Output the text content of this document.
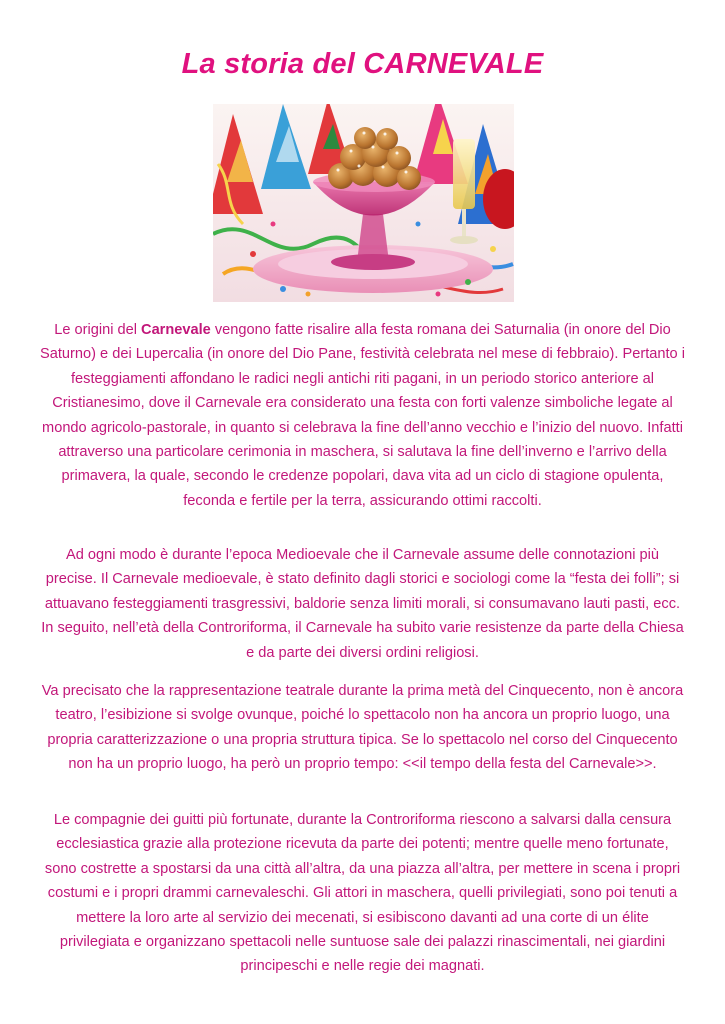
La storia del CARNEVALE

Le origini del Carnevale vengono fatte risalire alla festa romana dei Saturnalia (in onore del Dio Saturno) e dei Lupercalia (in onore del Dio Pane, festività celebrata nel mese di febbraio). Pertanto i festeggiamenti affondano le radici negli antichi riti pagani, in un periodo storico anteriore al Cristianesimo, dove il Carnevale era considerato una festa con forti valenze simboliche legate al mondo agricolo-pastorale, in quanto si celebrava la fine dell’anno vecchio e l’inizio del nuovo. Infatti attraverso una particolare cerimonia in maschera, si salutava la fine dell’inverno e l’arrivo della primavera, la quale, secondo le credenze popolari, dava vita ad un ciclo di stagione opulenta, feconda e fertile per la terra, assicurando ottimi raccolti.

Ad ogni modo è durante l’epoca Medioevale che il Carnevale assume delle connotazioni più precise. Il Carnevale medioevale, è stato definito dagli storici e sociologi come la “festa dei folli”; si attuavano festeggiamenti trasgressivi, baldorie senza limiti morali, si consumavano lauti pasti, ecc. In seguito, nell’età della Controriforma, il Carnevale ha subito varie resistenze da parte della Chiesa e da parte dei diversi ordini religiosi.

Va precisato che la rappresentazione teatrale durante la prima metà del Cinquecento, non è ancora teatro, l’esibizione si svolge ovunque, poiché lo spettacolo non ha ancora un proprio luogo, una propria caratterizzazione o una propria struttura tipica. Se lo spettacolo nel corso del Cinquecento non ha un proprio luogo, ha però un proprio tempo: <<il tempo della festa del Carnevale>>.

Le compagnie dei guitti più fortunate, durante la Controriforma riescono a salvarsi dalla censura ecclesiastica grazie alla protezione ricevuta da parte dei potenti; mentre quelle meno fortunate, sono costrette a spostarsi da una città all’altra, da una piazza all’altra, per mettere in scena i propri costumi e i propri drammi carnevaleschi. Gli attori in maschera, quelli privilegiati, sono poi tenuti a mettere la loro arte al servizio dei mecenati, si esibiscono davanti ad una corte di un élite privilegiata e organizzano spettacoli nelle suntuose sale dei palazzi rinascimentali, nei giardini principeschi e nelle regie dei magnati.
